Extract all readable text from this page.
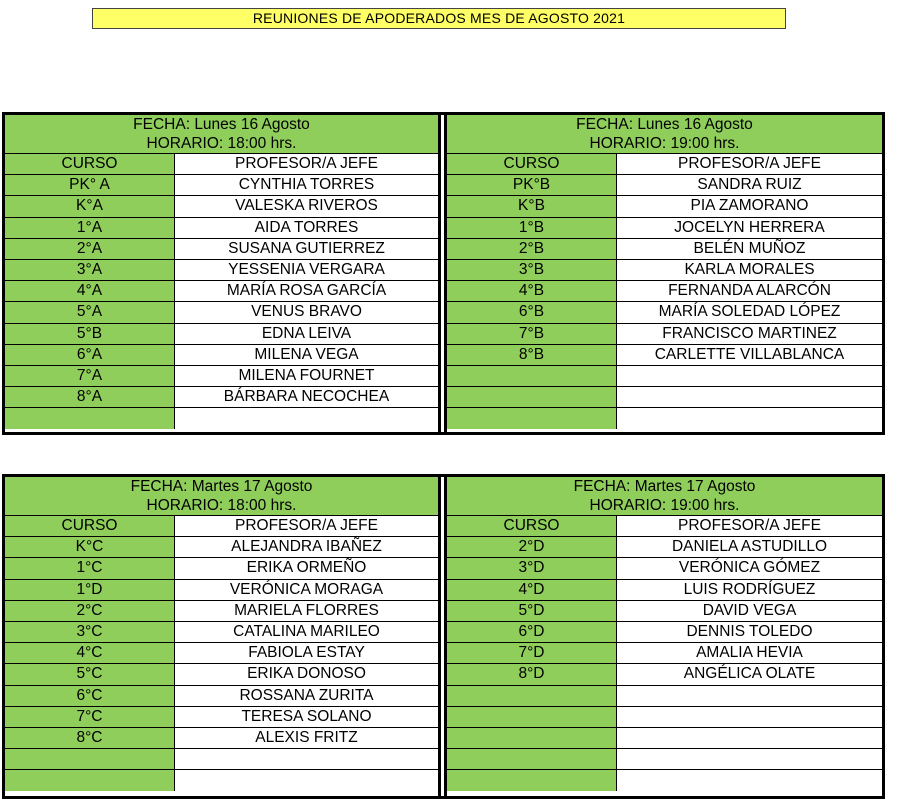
REUNIONES DE APODERADOS MES DE AGOSTO 2021
FECHA: Lunes 16 Agosto
HORARIO: 18:00 hrs.
CURSO	PROFESOR/A JEFE
PK° A	CYNTHIA TORRES
K°A	VALESKA RIVEROS
1°A	AIDA TORRES
2°A	SUSANA GUTIERREZ
3°A	YESSENIA VERGARA
4°A	MARÍA ROSA GARCÍA
5°A	VENUS BRAVO
5°B	EDNA LEIVA
6°A	MILENA VEGA
7°A	MILENA FOURNET
8°A	BÁRBARA NECOCHEA
FECHA: Lunes 16 Agosto
HORARIO: 19:00 hrs.
CURSO	PROFESOR/A JEFE
PK°B	SANDRA RUIZ
K°B	PIA ZAMORANO
1°B	JOCELYN HERRERA
2°B	BELÉN MUÑOZ
3°B	KARLA MORALES
4°B	FERNANDA ALARCÓN
6°B	MARÍA SOLEDAD LÓPEZ
7°B	FRANCISCO MARTINEZ
8°B	CARLETTE VILLABLANCA
FECHA: Martes 17 Agosto
HORARIO: 18:00 hrs.
CURSO	PROFESOR/A JEFE
K°C	ALEJANDRA IBAÑEZ
1°C	ERIKA ORMEÑO
1°D	VERÓNICA MORAGA
2°C	MARIELA FLORRES
3°C	CATALINA MARILEO
4°C	FABIOLA ESTAY
5°C	ERIKA DONOSO
6°C	ROSSANA ZURITA
7°C	TERESA SOLANO
8°C	ALEXIS FRITZ
FECHA: Martes 17 Agosto
HORARIO: 19:00 hrs.
CURSO	PROFESOR/A JEFE
2°D	DANIELA ASTUDILLO
3°D	VERÓNICA GÓMEZ
4°D	LUIS RODRÍGUEZ
5°D	DAVID VEGA
6°D	DENNIS TOLEDO
7°D	AMALIA HEVIA
8°D	ANGÉLICA OLATE
